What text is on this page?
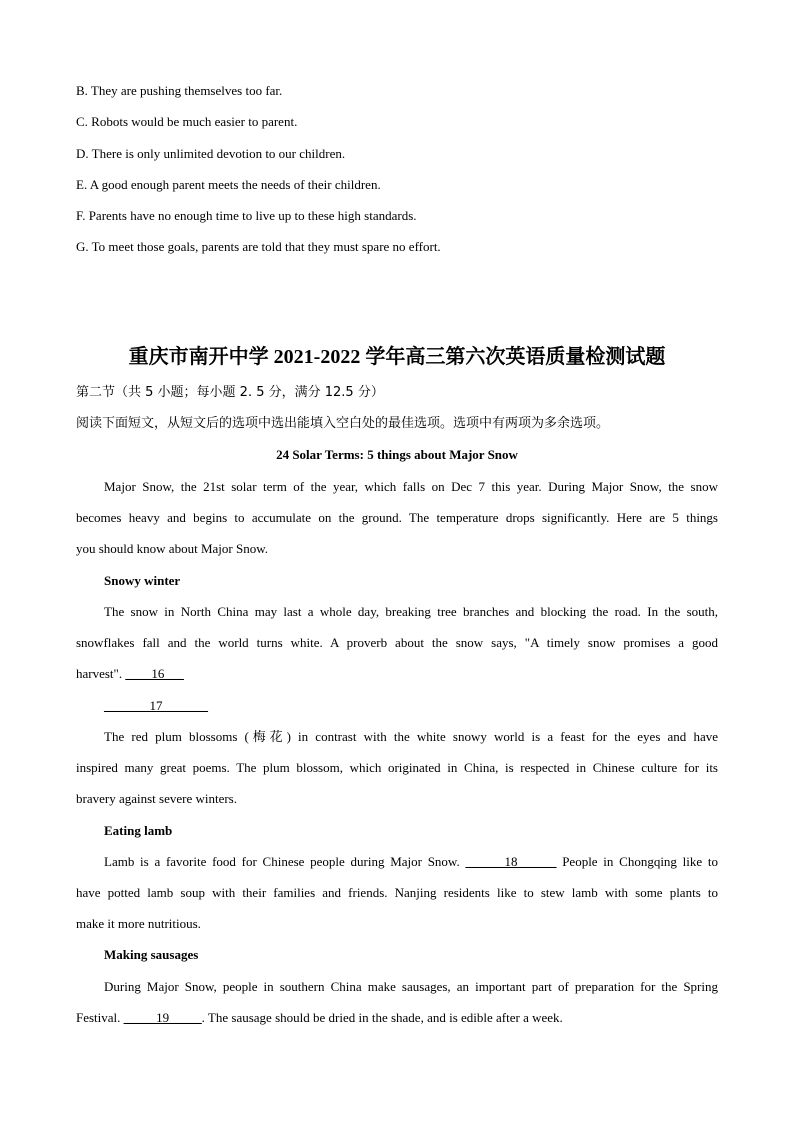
B. They are pushing themselves too far.
C. Robots would be much easier to parent.
D. There is only unlimited devotion to our children.
E. A good enough parent meets the needs of their children.
F. Parents have no enough time to live up to these high standards.
G. To meet those goals, parents are told that they must spare no effort.
重庆市南开中学 2021-2022 学年高三第六次英语质量检测试题
第二节（共 5 小题；每小题 2. 5 分，满分 12.5 分）
阅读下面短文，从短文后的选项中选出能填入空白处的最佳选项。选项中有两项为多余选项。
24 Solar Terms: 5 things about Major Snow
Major Snow, the 21st solar term of the year, which falls on Dec 7 this year. During Major Snow, the snow
becomes heavy and begins to accumulate on the ground. The temperature drops significantly. Here are 5 things
you should know about Major Snow.
Snowy winter
The snow in North China may last a whole day, breaking tree branches and blocking the road. In the south,
snowflakes fall and the world turns white. A proverb about the snow says, "A timely snow promises a good
harvest". ____16___
_______17_______
The red plum blossoms (梅花) in contrast with the white snowy world is a feast for the eyes and have
inspired many great poems. The plum blossom, which originated in China, is respected in Chinese culture for its
bravery against severe winters.
Eating lamb
Lamb is a favorite food for Chinese people during Major Snow. ______18______ People in Chongqing like to
have potted lamb soup with their families and friends. Nanjing residents like to stew lamb with some plants to
make it more nutritious.
Making sausages
During Major Snow, people in southern China make sausages, an important part of preparation for the Spring
Festival. _____19_____. The sausage should be dried in the shade, and is edible after a week.
